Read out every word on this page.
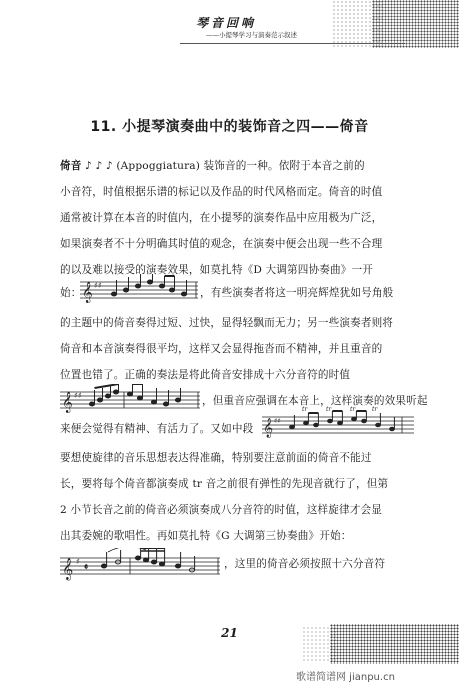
琴音回响
——小提琴学习与演奏范示叙述
11. 小提琴演奏曲中的装饰音之四——倚音
倚音 ♪ ♪ ♪ (Appoggiatura) 装饰音的一种。依附于本音之前的
小音符，时值根据乐谱的标记以及作品的时代风格而定。倚音的时值
通常被计算在本音的时值内，在小提琴的演奏作品中应用极为广泛，
如果演奏者不十分明确其时值的观念，在演奏中便会出现一些不合理
的以及难以接受的演奏效果，如莫扎特《D 大调第四协奏曲》一开
始： 𝄞 ♯♯
，有些演奏者将这一明亮辉煌犹如号角般
的主题中的倚音奏得过短、过快，显得轻飘而无力；另一些演奏者则将
倚音和本音演奏得很平均，这样又会显得拖沓而不精神，并且重音的
位置也错了。正确的奏法是将此倚音安排成十六分音符的时值
𝄞 ♯♯	，但重音应强调在本音上，这样演奏的效果听起
来便会觉得有精神、有活力了。又如中段 𝄞 ♯♯
tr	tr	tr	tr
要想使旋律的音乐思想表达得准确，特别要注意前面的倚音不能过
长，要将每个倚音都演奏成 tr 音之前很有弹性的先现音就行了，但第
2 小节长音之前的倚音必须演奏成八分音符的时值，这样旋律才会显
出其委婉的歌唱性。再如莫扎特《G 大调第三协奏曲》开始：
𝄞 ♯
𝄵	，这里的倚音必须按照十六分音符
21
歌谱简谱网 jianpu.cn
